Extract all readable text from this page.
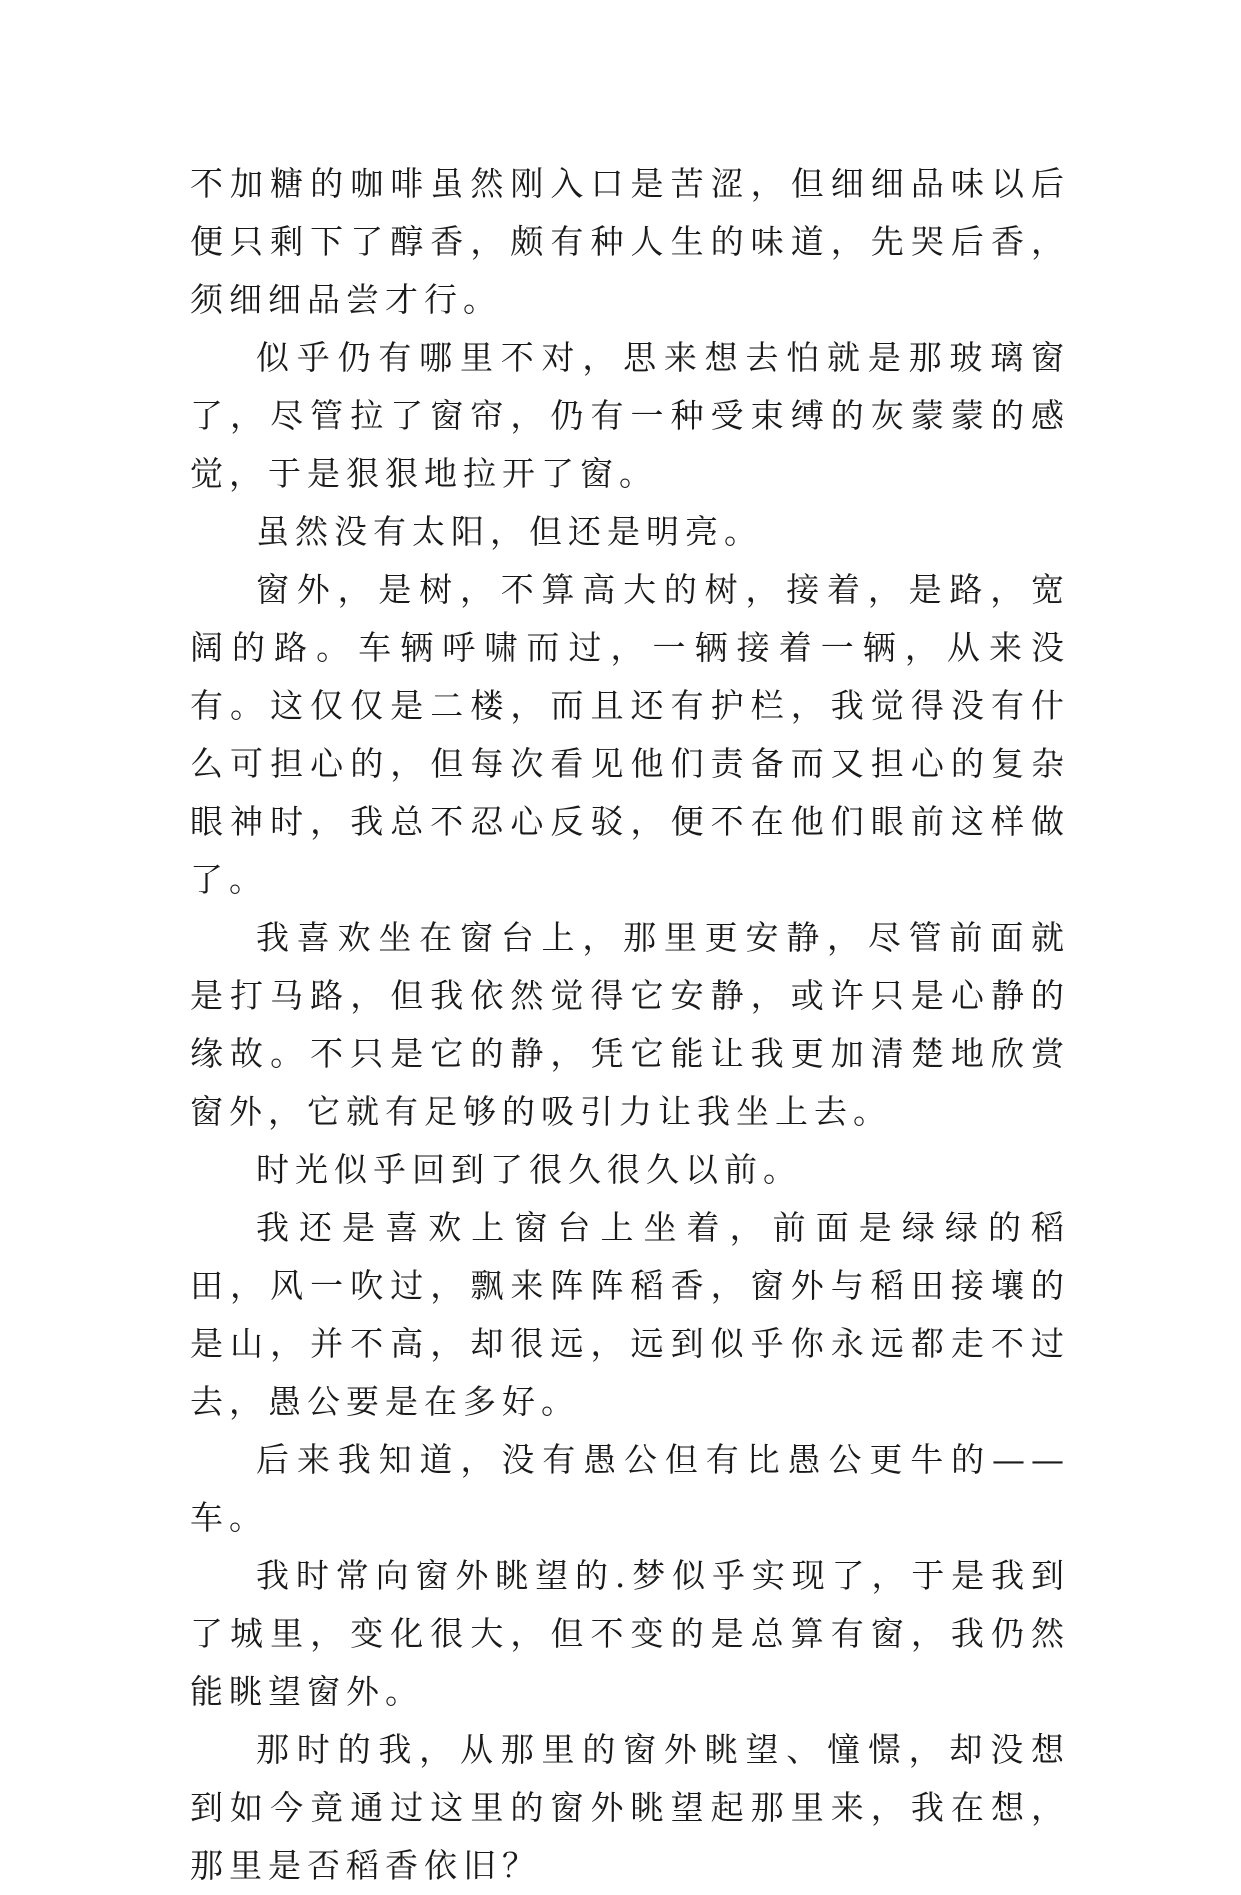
不加糖的咖啡虽然刚入口是苦涩，但细细品味以后便只剩下了醇香，颇有种人生的味道，先哭后香，须细细品尝才行。

似乎仍有哪里不对，思来想去怕就是那玻璃窗了，尽管拉了窗帘，仍有一种受束缚的灰蒙蒙的感觉，于是狠狠地拉开了窗。

虽然没有太阳，但还是明亮。

窗外，是树，不算高大的树，接着，是路，宽阔的路。车辆呼啸而过，一辆接着一辆，从来没有。这仅仅是二楼，而且还有护栏，我觉得没有什么可担心的，但每次看见他们责备而又担心的复杂眼神时，我总不忍心反驳，便不在他们眼前这样做了。

我喜欢坐在窗台上，那里更安静，尽管前面就是打马路，但我依然觉得它安静，或许只是心静的缘故。不只是它的静，凭它能让我更加清楚地欣赏窗外，它就有足够的吸引力让我坐上去。

时光似乎回到了很久很久以前。

我还是喜欢上窗台上坐着，前面是绿绿的稻田，风一吹过，飘来阵阵稻香，窗外与稻田接壤的是山，并不高，却很远，远到似乎你永远都走不过去，愚公要是在多好。

后来我知道，没有愚公但有比愚公更牛的——车。

我时常向窗外眺望的.梦似乎实现了，于是我到了城里，变化很大，但不变的是总算有窗，我仍然能眺望窗外。

那时的我，从那里的窗外眺望、憧憬，却没想到如今竟通过这里的窗外眺望起那里来，我在想，那里是否稻香依旧？
